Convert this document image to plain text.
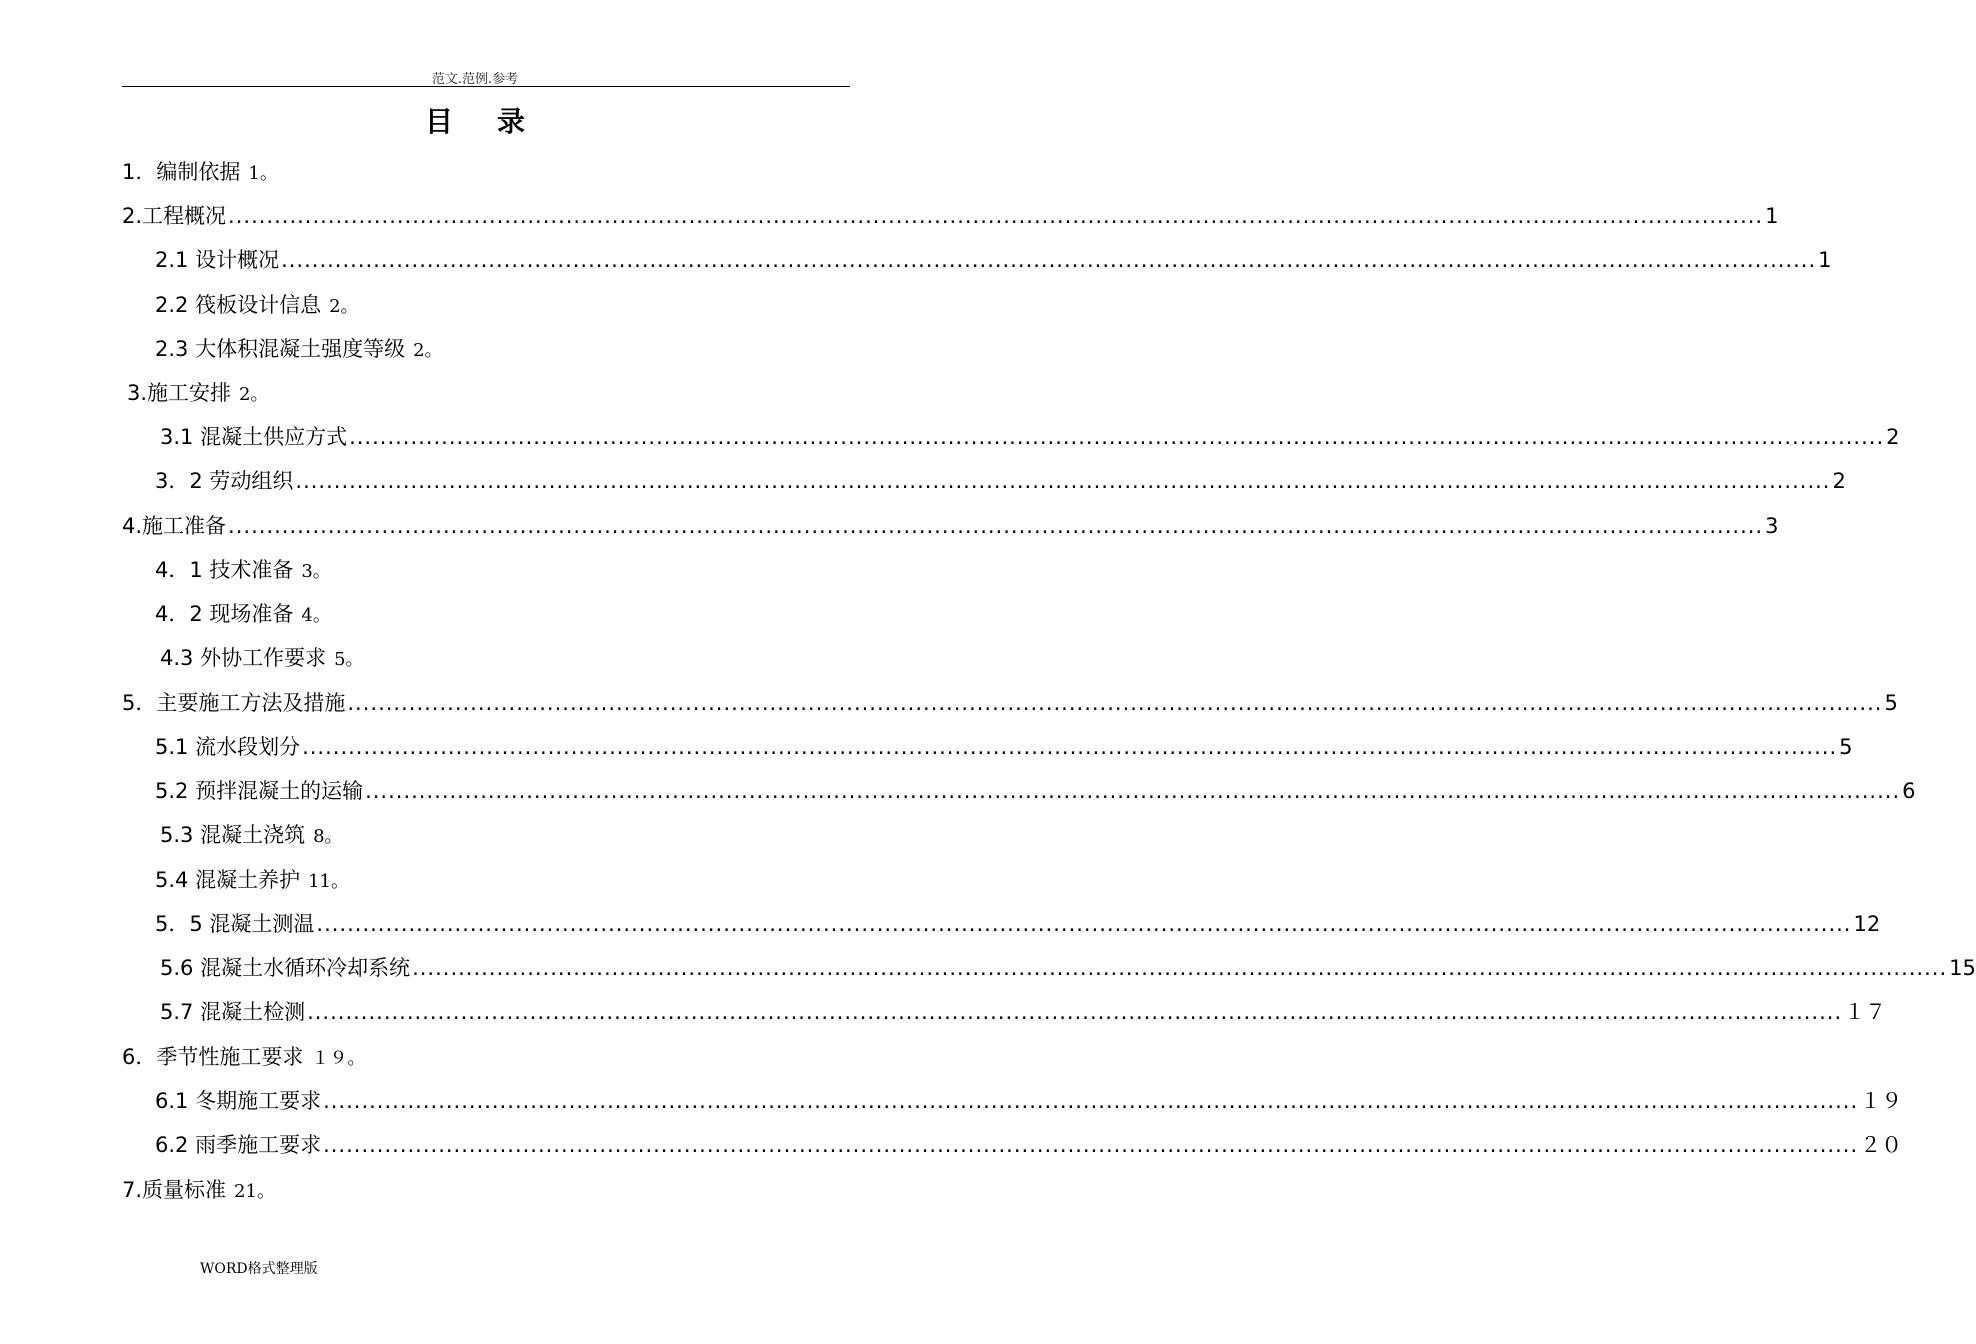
范文.范例.参考
目 录
1．编制依据 1。
2.工程概况 ........................................................................................................................................................................................................ 1
2.1 设计概况 ........................................................................................................................................................................................................ 1
2.2 筏板设计信息 2。
2.3 大体积混凝土强度等级 2。
3.施工安排 2。
3.1 混凝土供应方式 ........................................................................................................................................................................................................ 2
3．2 劳动组织 ........................................................................................................................................................................................................ 2
4.施工准备 ........................................................................................................................................................................................................ 3
4．1 技术准备 3。
4．2 现场准备 4。
4.3 外协工作要求 5。
5．主要施工方法及措施 ........................................................................................................................................................................................................ 5
5.1 流水段划分 ........................................................................................................................................................................................................ 5
5.2 预拌混凝土的运输 ........................................................................................................................................................................................................ 6
5.3 混凝土浇筑 8。
5.4 混凝土养护 11。
5．5 混凝土测温 ........................................................................................................................................................................................................ 12
5.6 混凝土水循环冷却系统 ........................................................................................................................................................................................................ 15
5.7 混凝土检测 ........................................................................................................................................................................................................ １７
6．季节性施工要求 １９。
6.1 冬期施工要求 ........................................................................................................................................................................................................ １９
6.2 雨季施工要求 ........................................................................................................................................................................................................ ２０
7.质量标准 21。
WORD格式整理版
